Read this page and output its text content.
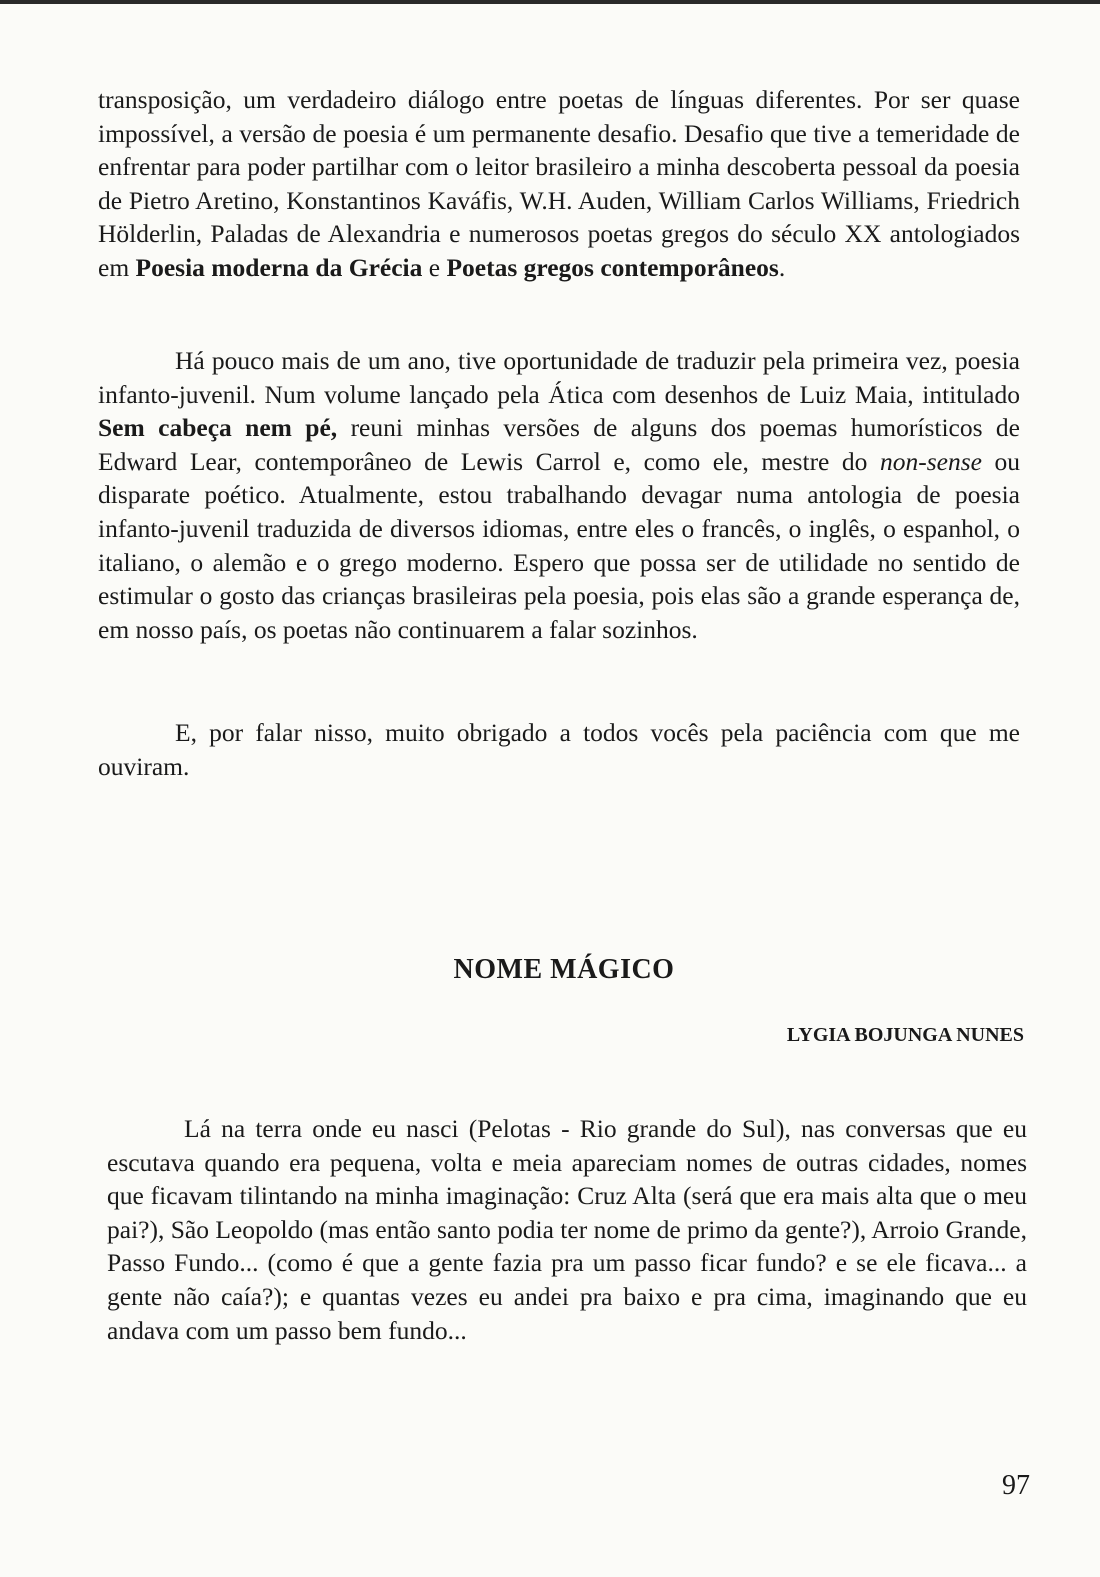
transposição, um verdadeiro diálogo entre poetas de línguas diferentes. Por ser quase impossível, a versão de poesia é um permanente desafio. Desafio que tive a temeridade de enfrentar para poder partilhar com o leitor brasileiro a minha descoberta pessoal da poesia de Pietro Aretino, Konstantinos Kaváfis, W.H. Auden, William Carlos Williams, Friedrich Hölderlin, Paladas de Alexandria e numerosos poetas gregos do século XX antologiados em Poesia moderna da Grécia e Poetas gregos contemporâneos.

Há pouco mais de um ano, tive oportunidade de traduzir pela primeira vez, poesia infanto-juvenil. Num volume lançado pela Ática com desenhos de Luiz Maia, intitulado Sem cabeça nem pé, reuni minhas versões de alguns dos poemas humorísticos de Edward Lear, contemporâneo de Lewis Carrol e, como ele, mestre do non-sense ou disparate poético. Atualmente, estou trabalhando devagar numa antologia de poesia infanto-juvenil traduzida de diversos idiomas, entre eles o francês, o inglês, o espanhol, o italiano, o alemão e o grego moderno. Espero que possa ser de utilidade no sentido de estimular o gosto das crianças brasileiras pela poesia, pois elas são a grande esperança de, em nosso país, os poetas não continuarem a falar sozinhos.

E, por falar nisso, muito obrigado a todos vocês pela paciência com que me ouviram.

NOME MÁGICO
LYGIA BOJUNGA NUNES

Lá na terra onde eu nasci (Pelotas - Rio grande do Sul), nas conversas que eu escutava quando era pequena, volta e meia apareciam nomes de outras cidades, nomes que ficavam tilintando na minha imaginação: Cruz Alta (será que era mais alta que o meu pai?), São Leopoldo (mas então santo podia ter nome de primo da gente?), Arroio Grande, Passo Fundo... (como é que a gente fazia pra um passo ficar fundo? e se ele ficava... a gente não caía?); e quantas vezes eu andei pra baixo e pra cima, imaginando que eu andava com um passo bem fundo...

97
